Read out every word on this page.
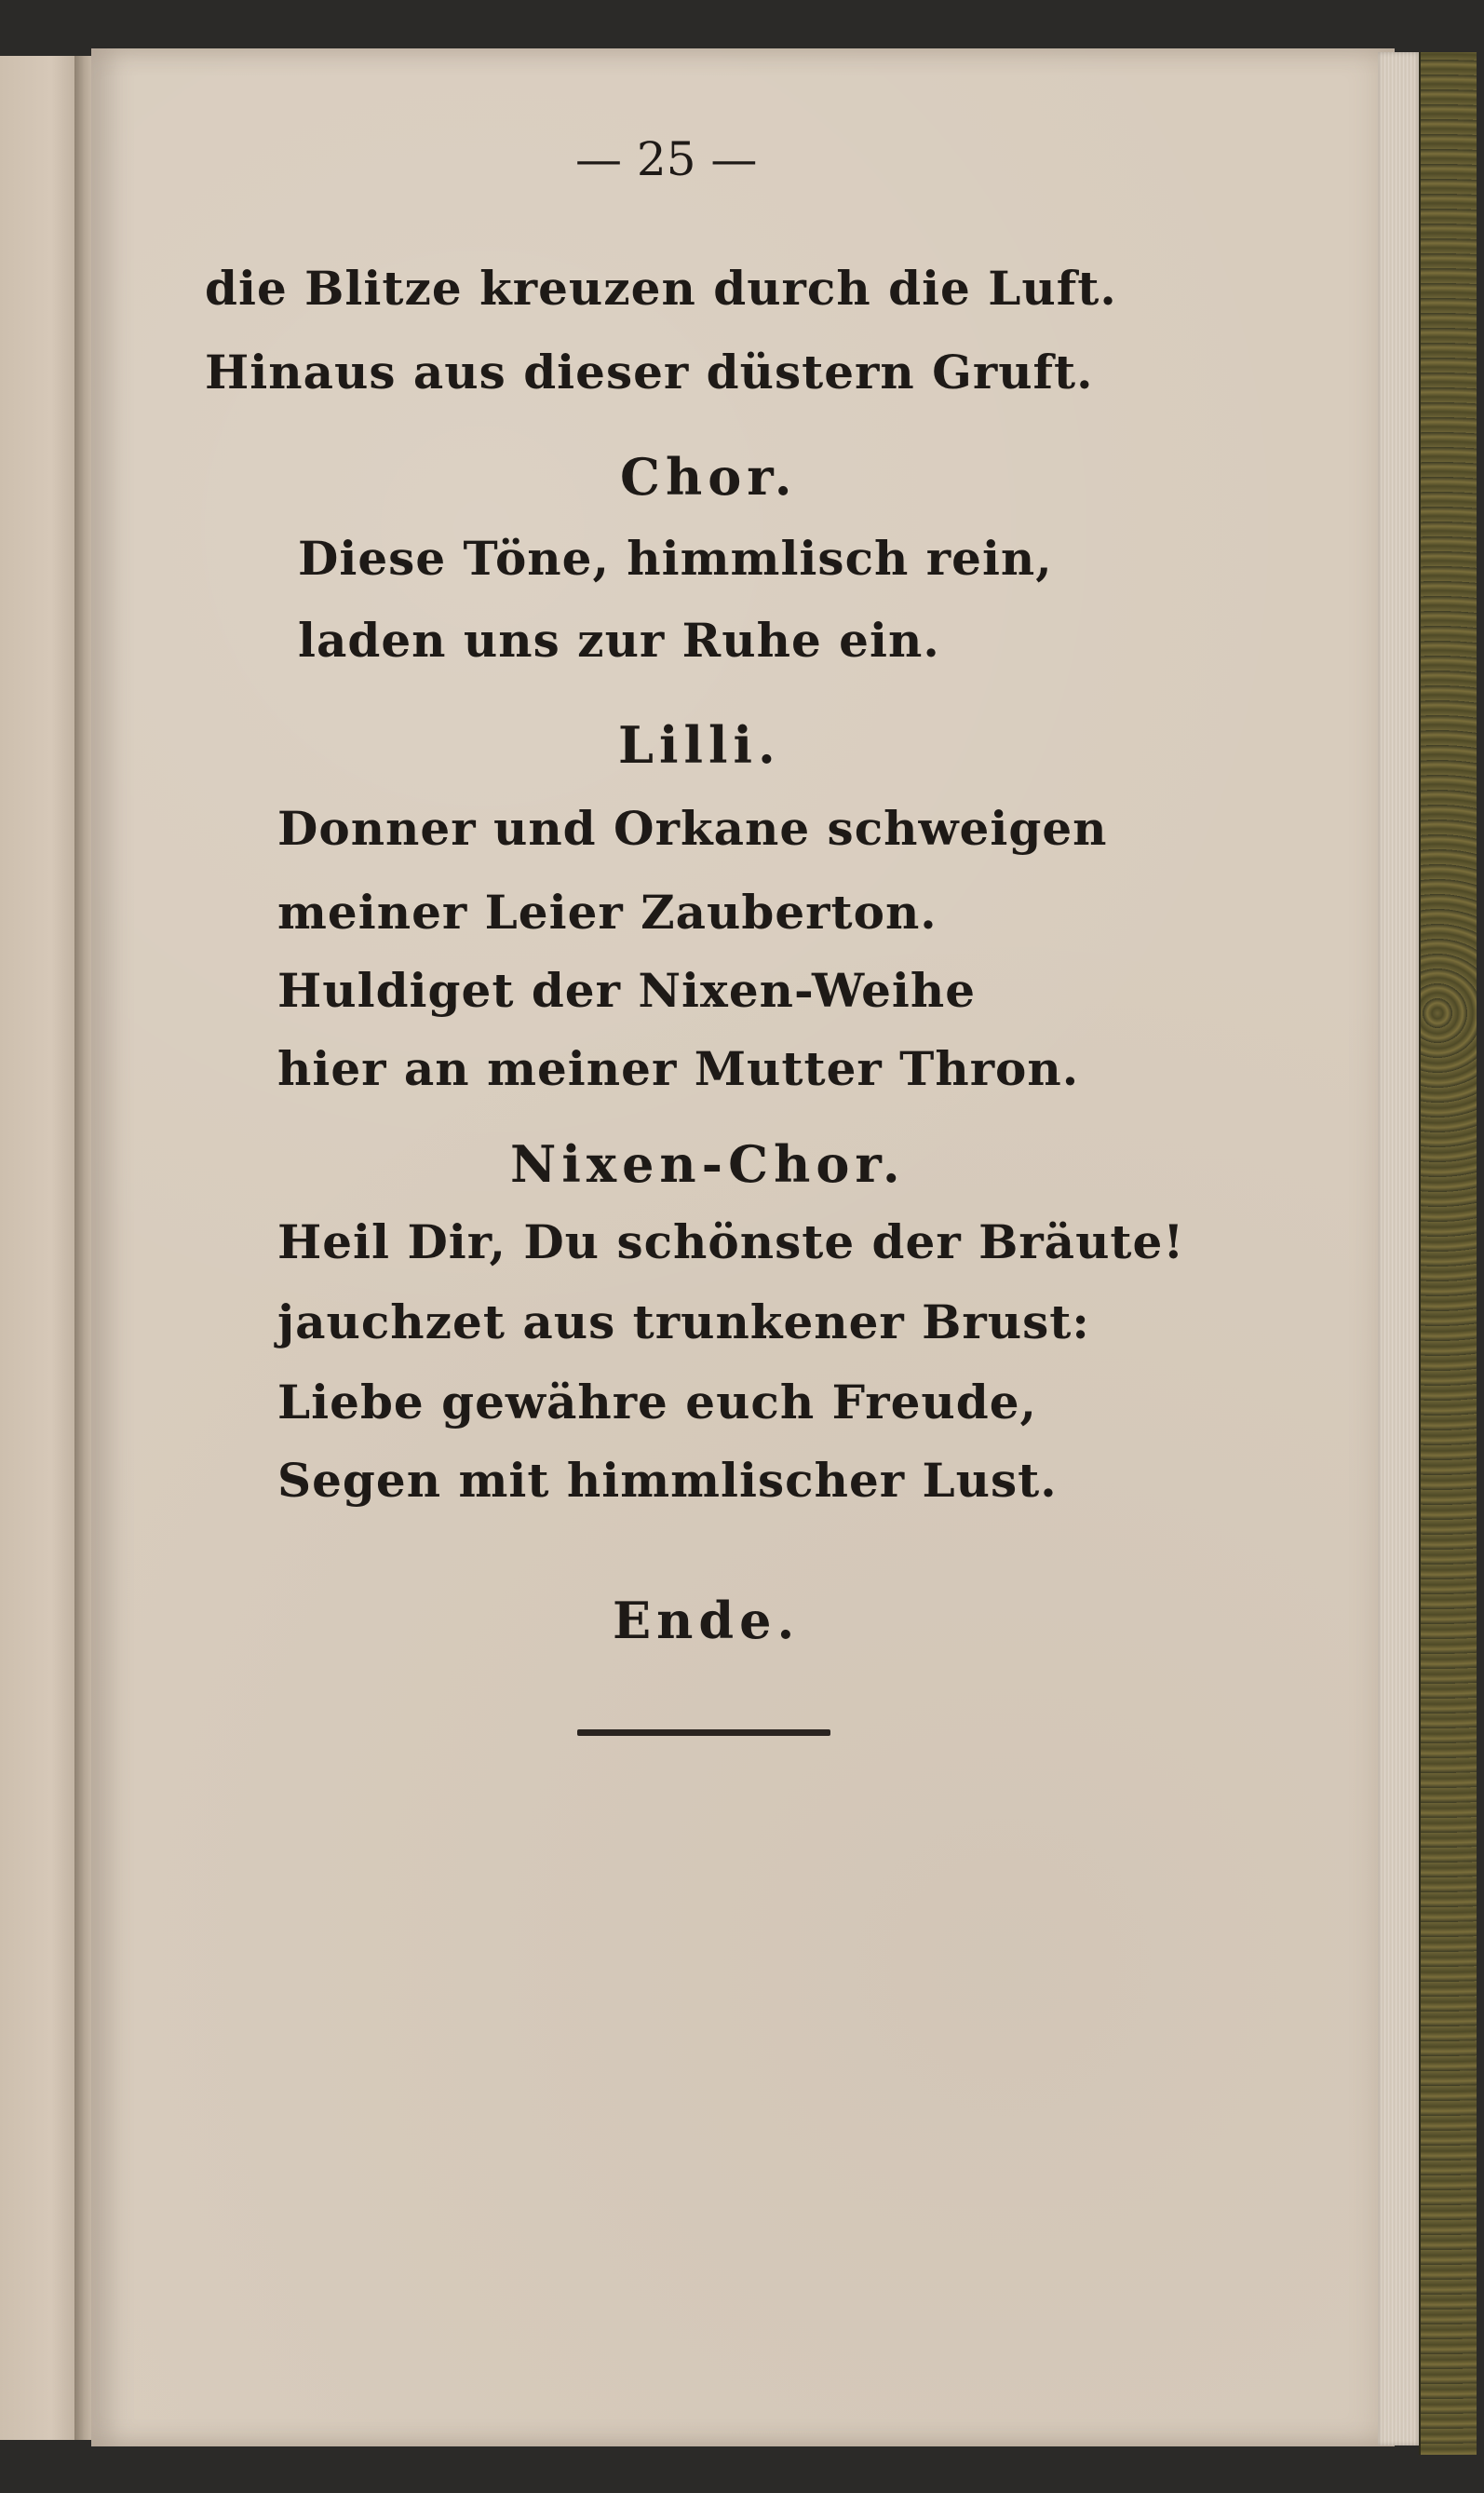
— 25 —
die Blitze kreuzen durch die Luft.
Hinaus aus dieser düstern Gruft.
Chor.
Diese Töne, himmlisch rein,
laden uns zur Ruhe ein.
Lilli.
Donner und Orkane schweigen
meiner Leier Zauberton.
Huldiget der Nixen-Weihe
hier an meiner Mutter Thron.
Nixen-Chor.
Heil Dir, Du schönste der Bräute!
jauchzet aus trunkener Brust:
Liebe gewähre euch Freude,
Segen mit himmlischer Lust.
Ende.
